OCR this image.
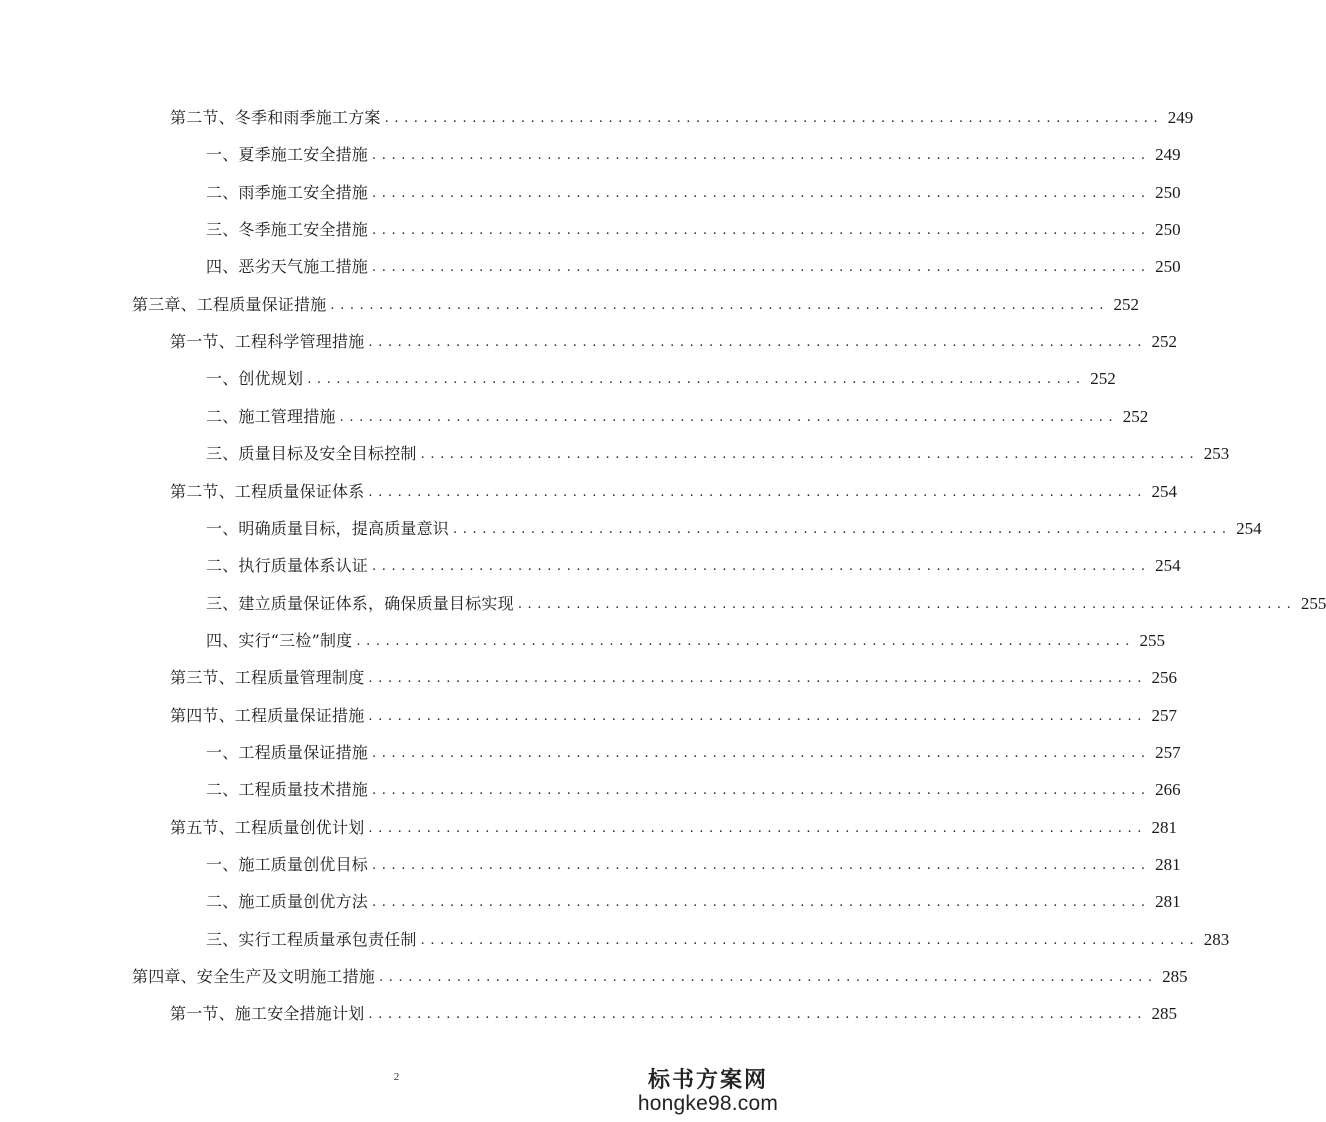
第二节、冬季和雨季施工方案 ................................................................................ 249
一、夏季施工安全措施 ................................................................................ 249
二、雨季施工安全措施 ................................................................................ 250
三、冬季施工安全措施 ................................................................................ 250
四、恶劣天气施工措施 ................................................................................ 250
第三章、工程质量保证措施 ................................................................................ 252
第一节、工程科学管理措施 ................................................................................ 252
一、创优规划 ................................................................................ 252
二、施工管理措施 ................................................................................ 252
三、质量目标及安全目标控制 ................................................................................ 253
第二节、工程质量保证体系 ................................................................................ 254
一、明确质量目标，提高质量意识 ................................................................................ 254
二、执行质量体系认证 ................................................................................ 254
三、建立质量保证体系，确保质量目标实现 ................................................................................ 255
四、实行“三检”制度 ................................................................................ 255
第三节、工程质量管理制度 ................................................................................ 256
第四节、工程质量保证措施 ................................................................................ 257
一、工程质量保证措施 ................................................................................ 257
二、工程质量技术措施 ................................................................................ 266
第五节、工程质量创优计划 ................................................................................ 281
一、施工质量创优目标 ................................................................................ 281
二、施工质量创优方法 ................................................................................ 281
三、实行工程质量承包责任制 ................................................................................ 283
第四章、安全生产及文明施工措施 ................................................................................ 285
第一节、施工安全措施计划 ................................................................................ 285
2	标书方案网
hongke98.com
